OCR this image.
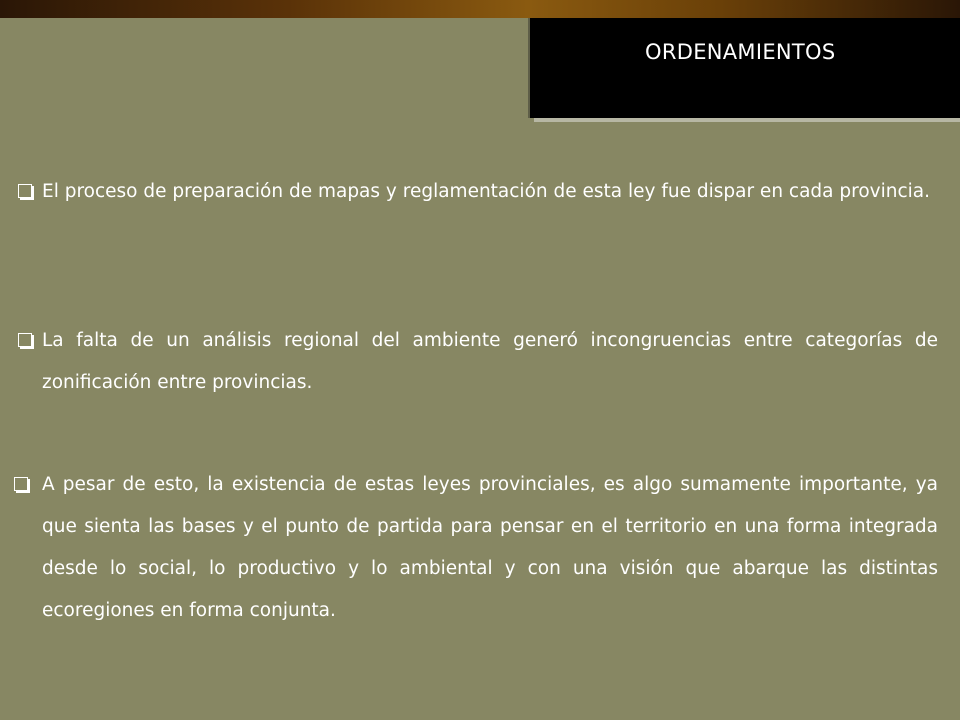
ORDENAMIENTOS
El proceso de preparación de mapas y reglamentación de esta ley fue dispar en cada provincia.
La falta de un análisis regional del ambiente generó incongruencias entre categorías de zonificación entre provincias.
A pesar de esto, la existencia de estas leyes provinciales, es algo sumamente importante, ya que sienta las bases y el punto de partida para pensar en el territorio en una forma integrada desde lo social, lo productivo y lo ambiental y con una visión que abarque las distintas ecoregiones en forma conjunta.
